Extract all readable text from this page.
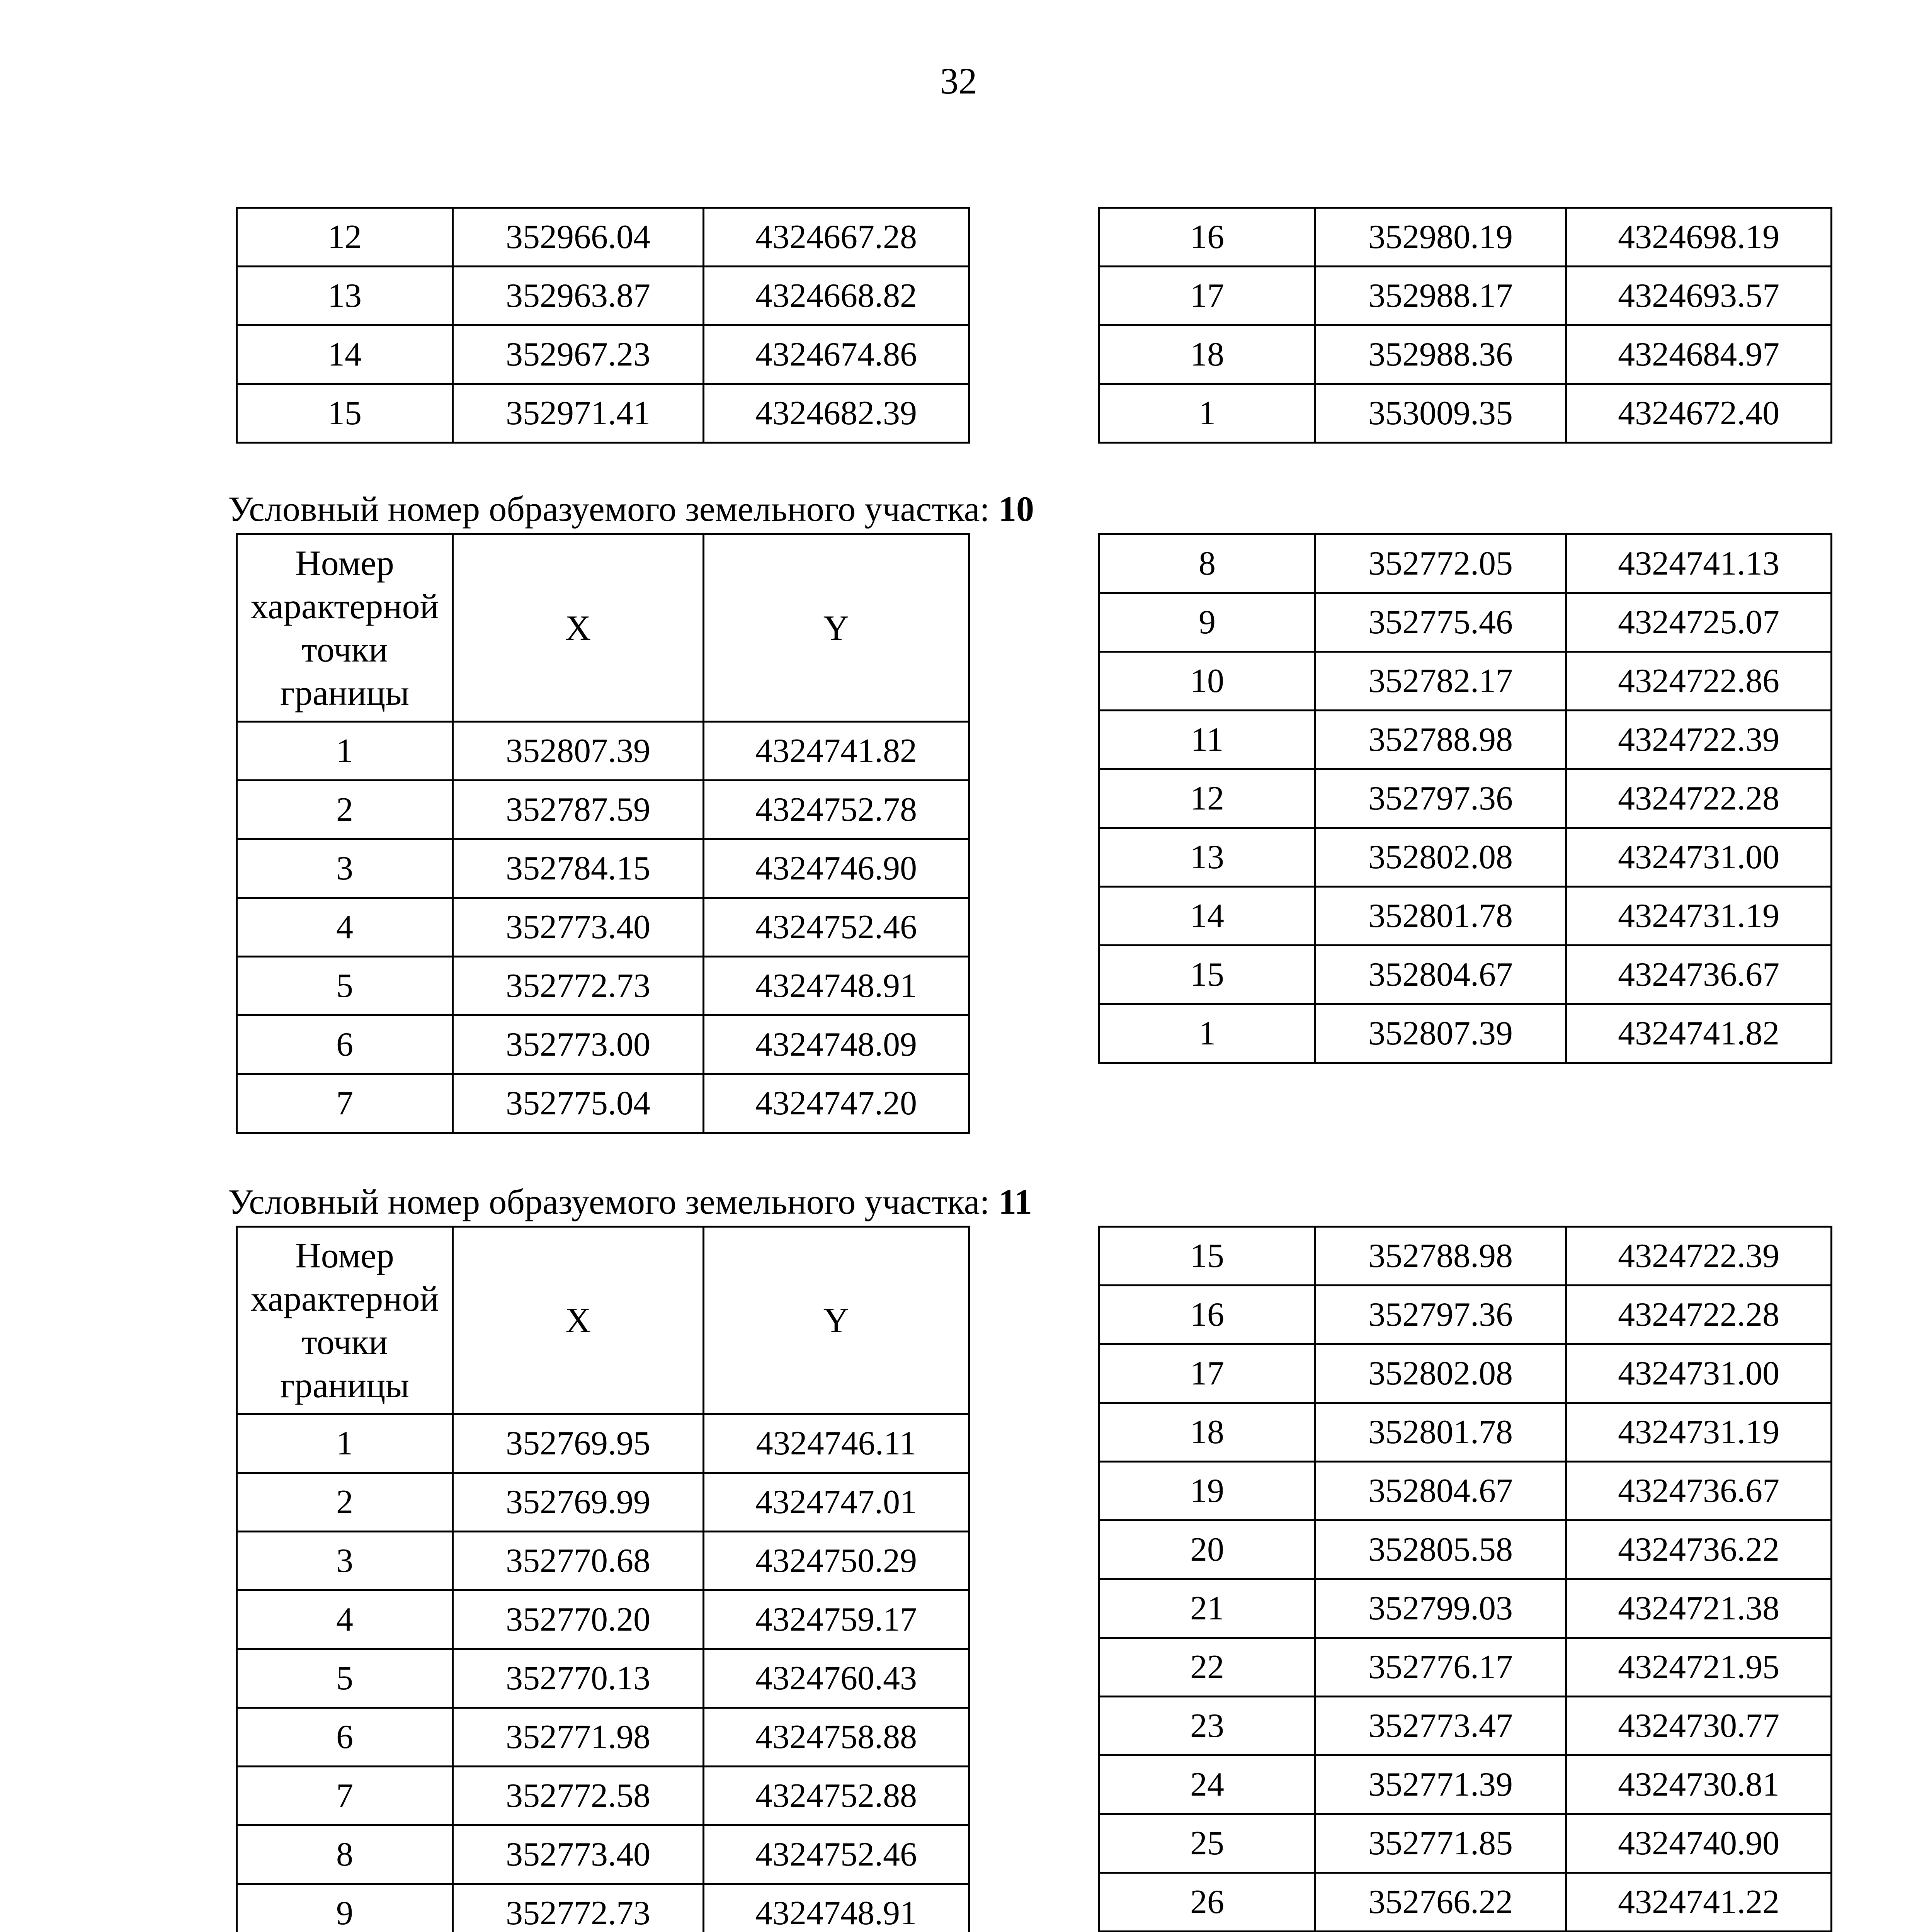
32
12	352966.04	4324667.28
13	352963.87	4324668.82
14	352967.23	4324674.86
15	352971.41	4324682.39
16	352980.19	4324698.19
17	352988.17	4324693.57
18	352988.36	4324684.97
1	353009.35	4324672.40
Условный номер образуемого земельного участка: 10
Номер характерной точки границы	X	Y
1	352807.39	4324741.82
2	352787.59	4324752.78
3	352784.15	4324746.90
4	352773.40	4324752.46
5	352772.73	4324748.91
6	352773.00	4324748.09
7	352775.04	4324747.20
8	352772.05	4324741.13
9	352775.46	4324725.07
10	352782.17	4324722.86
11	352788.98	4324722.39
12	352797.36	4324722.28
13	352802.08	4324731.00
14	352801.78	4324731.19
15	352804.67	4324736.67
1	352807.39	4324741.82
Условный номер образуемого земельного участка: 11
Номер характерной точки границы	X	Y
1	352769.95	4324746.11
2	352769.99	4324747.01
3	352770.68	4324750.29
4	352770.20	4324759.17
5	352770.13	4324760.43
6	352771.98	4324758.88
7	352772.58	4324752.88
8	352773.40	4324752.46
9	352772.73	4324748.91

15	352788.98	4324722.39
16	352797.36	4324722.28
17	352802.08	4324731.00
18	352801.78	4324731.19
19	352804.67	4324736.67
20	352805.58	4324736.22
21	352799.03	4324721.38
22	352776.17	4324721.95
23	352773.47	4324730.77
24	352771.39	4324730.81
25	352771.85	4324740.90
26	352766.22	4324741.22
